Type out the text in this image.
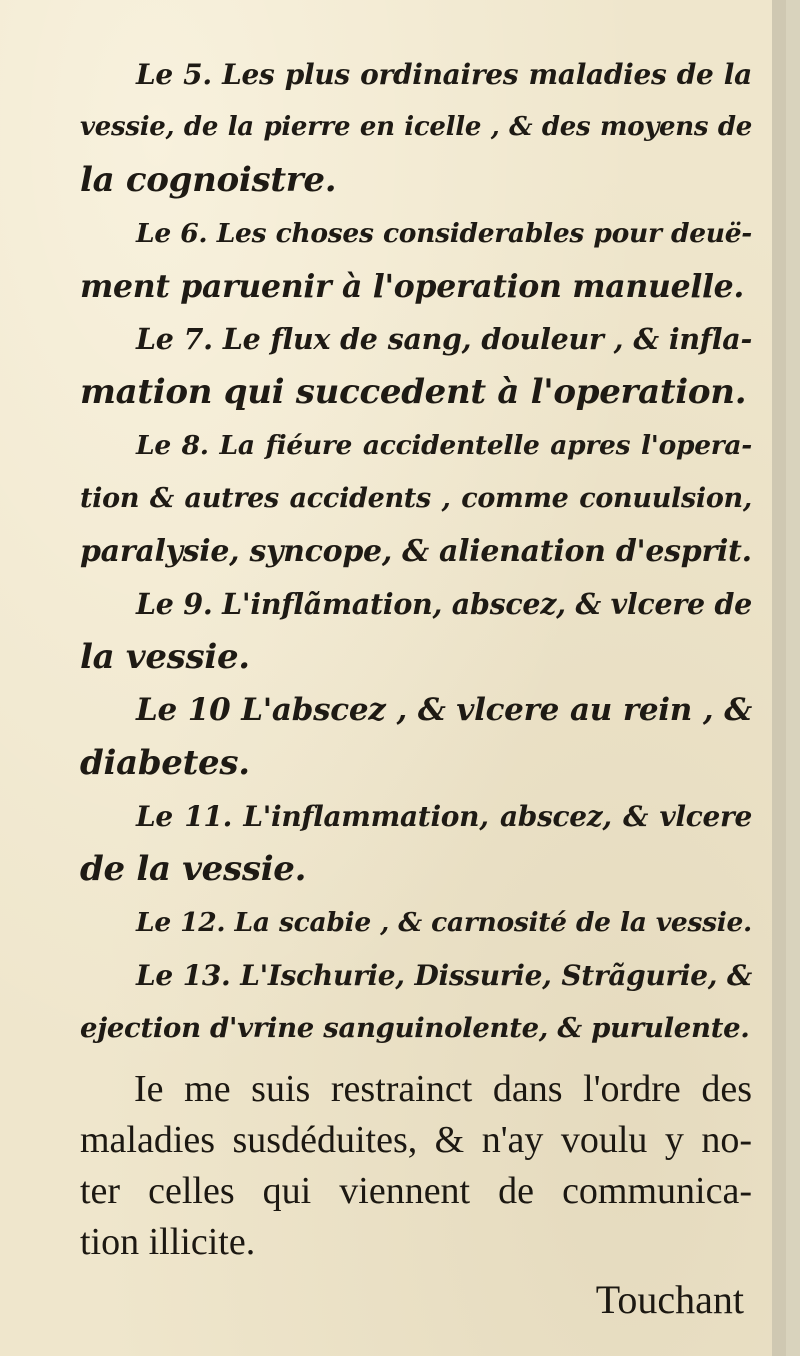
Le 5. Les plus ordinaires maladies de la
vessie, de la pierre en icelle , & des moyens de
la cognoistre.
Le 6. Les choses considerables pour deuë-
ment paruenir à l'operation manuelle.
Le 7. Le flux de sang, douleur , & infla-
mation qui succedent à l'operation.
Le 8. La fiéure accidentelle apres l'opera-
tion & autres accidents , comme conuulsion,
paralysie, syncope, & alienation d'esprit.
Le 9. L'inflãmation, abscez, & vlcere de
la vessie.
Le 10 L'abscez , & vlcere au rein , &
diabetes.
Le 11. L'inflammation, abscez, & vlcere
de la vessie.
Le 12. La scabie , & carnosité de la vessie.
Le 13. L'Ischurie, Dissurie, Strãgurie, &
ejection d'vrine sanguinolente, & purulente.
Ie me suis restrainct dans l'ordre des
maladies susdéduites, & n'ay voulu y no-
ter celles qui viennent de communica-
tion illicite.
Touchant
